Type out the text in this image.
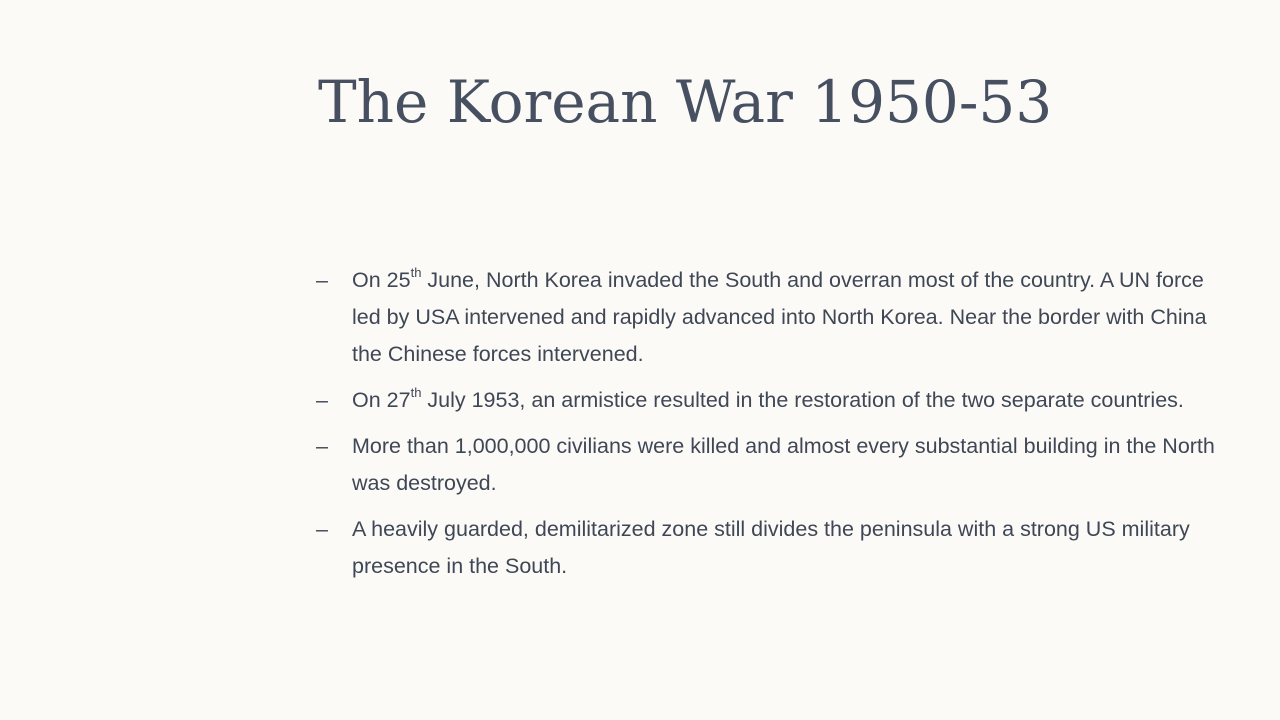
The Korean War 1950-53
– On 25th June, North Korea invaded the South and overran most of the country. A UN force led by USA intervened and rapidly advanced into North Korea. Near the border with China the Chinese forces intervened.
– On 27th July 1953, an armistice resulted in the restoration of the two separate countries.
– More than 1,000,000 civilians were killed and almost every substantial building in the North was destroyed.
– A heavily guarded, demilitarized zone still divides the peninsula with a strong US military presence in the South.
